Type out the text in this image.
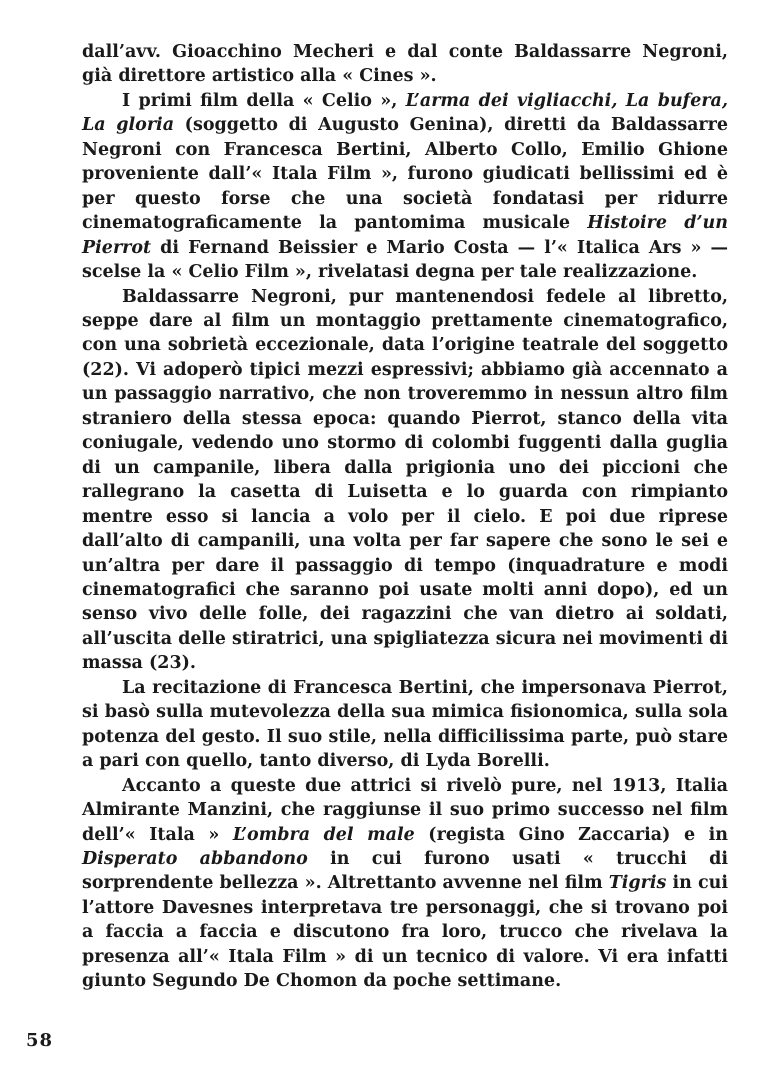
dall’avv. Gioacchino Mecheri e dal conte Baldassarre Negroni, già direttore artistico alla « Cines ».

I primi film della « Celio », L’arma dei vigliacchi, La bufera, La gloria (soggetto di Augusto Genina), diretti da Baldassarre Negroni con Francesca Bertini, Alberto Collo, Emilio Ghione proveniente dall’« Itala Film », furono giudicati bellissimi ed è per questo forse che una società fondatasi per ridurre cinematograficamente la pantomima musicale Histoire d’un Pierrot di Fernand Beissier e Mario Costa — l’« Italica Ars » — scelse la « Celio Film », rivelatasi degna per tale realizzazione.

Baldassarre Negroni, pur mantenendosi fedele al libretto, seppe dare al film un montaggio prettamente cinematografico, con una sobrietà eccezionale, data l’origine teatrale del soggetto (22). Vi adoperò tipici mezzi espressivi; abbiamo già accennato a un passaggio narrativo, che non troveremmo in nessun altro film straniero della stessa epoca: quando Pierrot, stanco della vita coniugale, vedendo uno stormo di colombi fuggenti dalla guglia di un campanile, libera dalla prigionia uno dei piccioni che rallegrano la casetta di Luisetta e lo guarda con rimpianto mentre esso si lancia a volo per il cielo. E poi due riprese dall’alto di campanili, una volta per far sapere che sono le sei e un’altra per dare il passaggio di tempo (inquadrature e modi cinematografici che saranno poi usate molti anni dopo), ed un senso vivo delle folle, dei ragazzini che van dietro ai soldati, all’uscita delle stiratrici, una spigliatezza sicura nei movimenti di massa (23).

La recitazione di Francesca Bertini, che impersonava Pierrot, si basò sulla mutevolezza della sua mimica fisionomica, sulla sola potenza del gesto. Il suo stile, nella difficilissima parte, può stare a pari con quello, tanto diverso, di Lyda Borelli.

Accanto a queste due attrici si rivelò pure, nel 1913, Italia Almirante Manzini, che raggiunse il suo primo successo nel film dell’« Itala » L’ombra del male (regista Gino Zaccaria) e in Disperato abbandono in cui furono usati « trucchi di sorprendente bellezza ». Altrettanto avvenne nel film Tigris in cui l’attore Davesnes interpretava tre personaggi, che si trovano poi a faccia a faccia e discutono fra loro, trucco che rivelava la presenza all’« Itala Film » di un tecnico di valore. Vi era infatti giunto Segundo De Chomon da poche settimane.

58
